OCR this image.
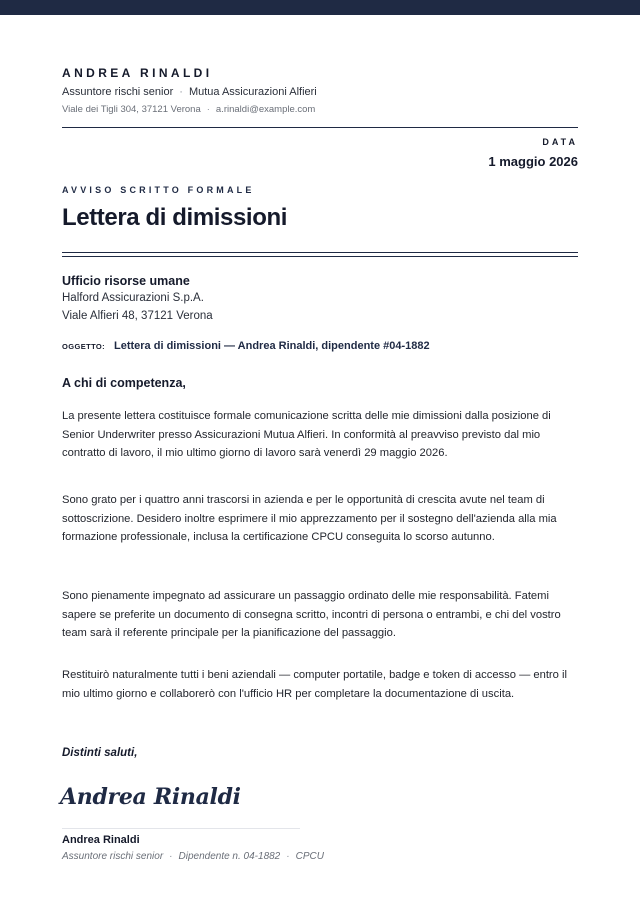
ANDREA RINALDI
Assuntore rischi senior · Mutua Assicurazioni Alfieri
Viale dei Tigli 304, 37121 Verona · a.rinaldi@example.com
DATA
1 maggio 2026
AVVISO SCRITTO FORMALE
Lettera di dimissioni
Ufficio risorse umane
Halford Assicurazioni S.p.A.
Viale Alfieri 48, 37121 Verona
OGGETTO: Lettera di dimissioni — Andrea Rinaldi, dipendente #04-1882
A chi di competenza,
La presente lettera costituisce formale comunicazione scritta delle mie dimissioni dalla posizione di Senior Underwriter presso Assicurazioni Mutua Alfieri. In conformità al preavviso previsto dal mio contratto di lavoro, il mio ultimo giorno di lavoro sarà venerdì 29 maggio 2026.
Sono grato per i quattro anni trascorsi in azienda e per le opportunità di crescita avute nel team di sottoscrizione. Desidero inoltre esprimere il mio apprezzamento per il sostegno dell'azienda alla mia formazione professionale, inclusa la certificazione CPCU conseguita lo scorso autunno.
Sono pienamente impegnato ad assicurare un passaggio ordinato delle mie responsabilità. Fatemi sapere se preferite un documento di consegna scritto, incontri di persona o entrambi, e chi del vostro team sarà il referente principale per la pianificazione del passaggio.
Restituirò naturalmente tutti i beni aziendali — computer portatile, badge e token di accesso — entro il mio ultimo giorno e collaborerò con l'ufficio HR per completare la documentazione di uscita.
Distinti saluti,
Andrea Rinaldi
Andrea Rinaldi
Assuntore rischi senior · Dipendente n. 04-1882 · CPCU
